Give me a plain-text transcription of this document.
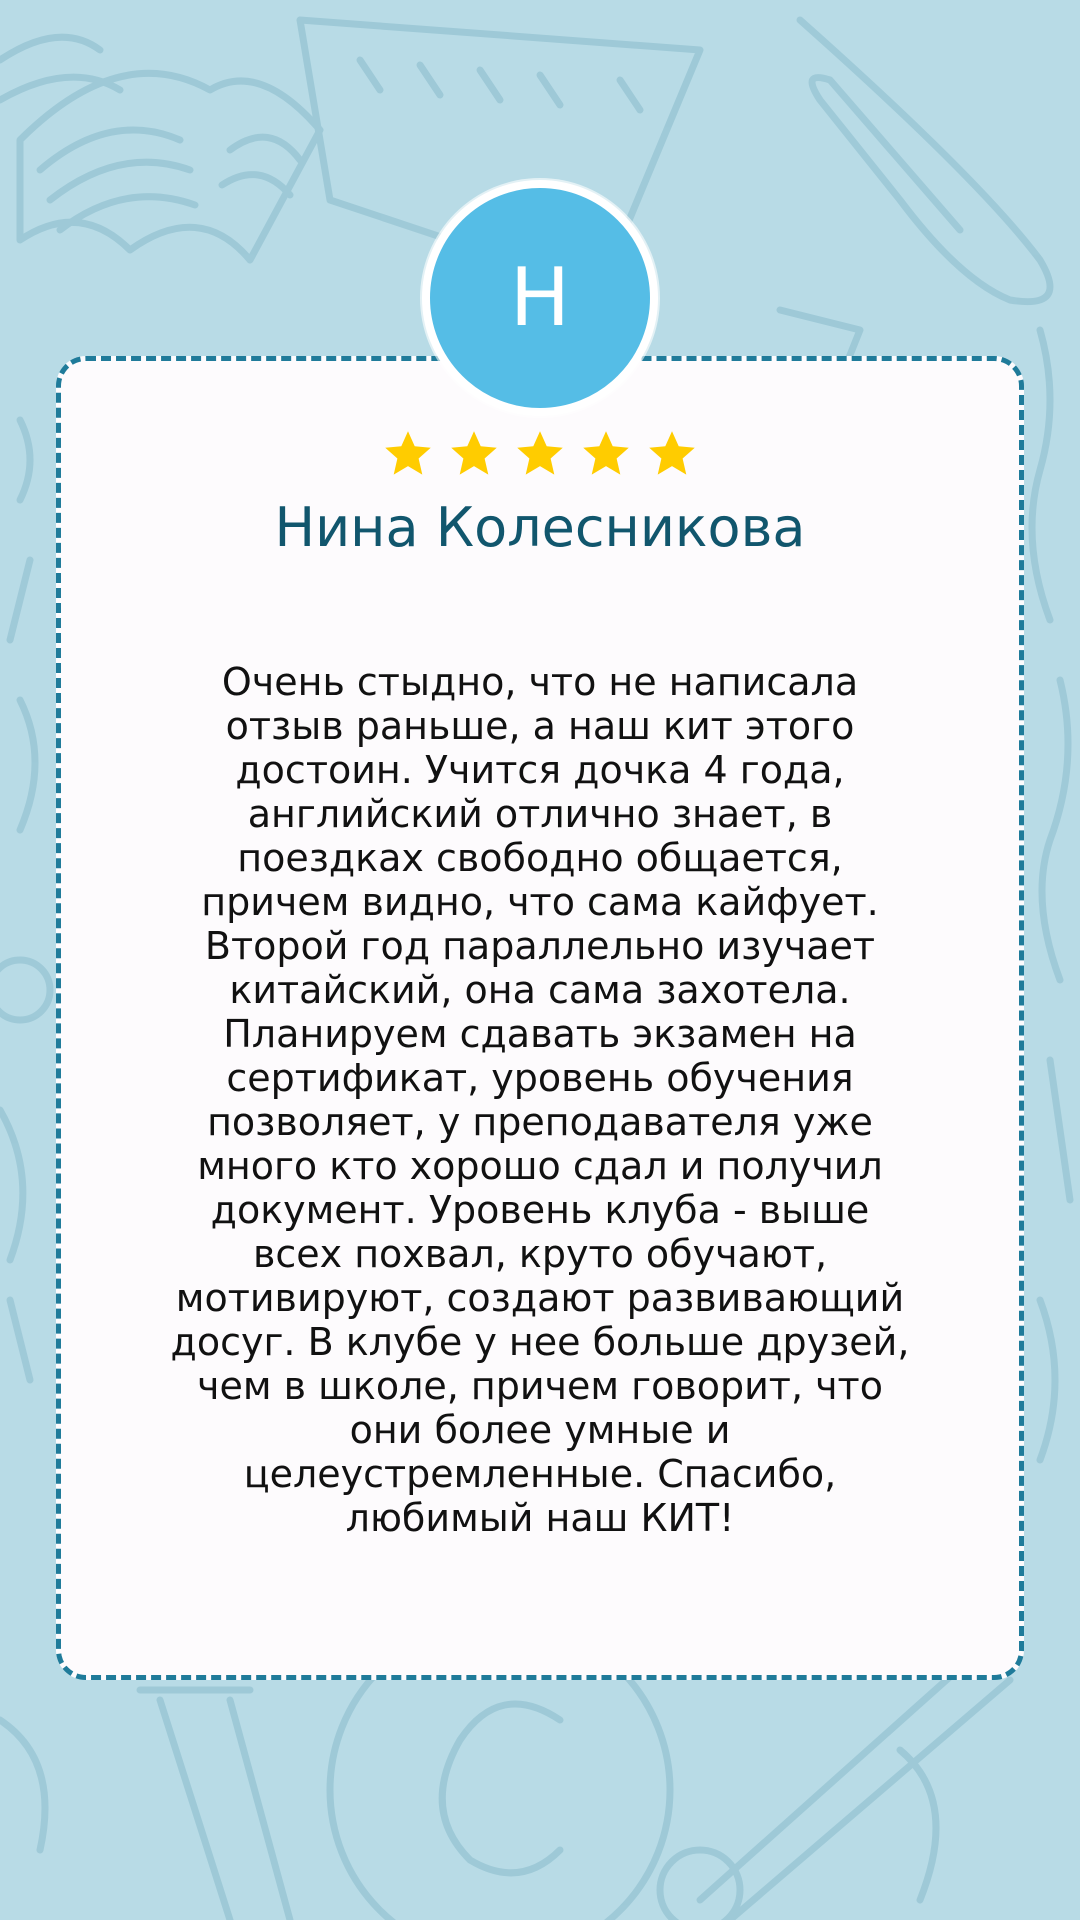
Н
Нина Колесникова
Очень стыдно, что не написала
отзыв раньше, а наш кит этого
достоин. Учится дочка 4 года,
английский отлично знает, в
поездках свободно общается,
причем видно, что сама кайфует.
Второй год параллельно изучает
китайский, она сама захотела.
Планируем сдавать экзамен на
сертификат, уровень обучения
позволяет, у преподавателя уже
много кто хорошо сдал и получил
документ. Уровень клуба - выше
всех похвал, круто обучают,
мотивируют, создают развивающий
досуг. В клубе у нее больше друзей,
чем в школе, причем говорит, что
они более умные и
целеустремленные. Спасибо,
любимый наш КИТ!
